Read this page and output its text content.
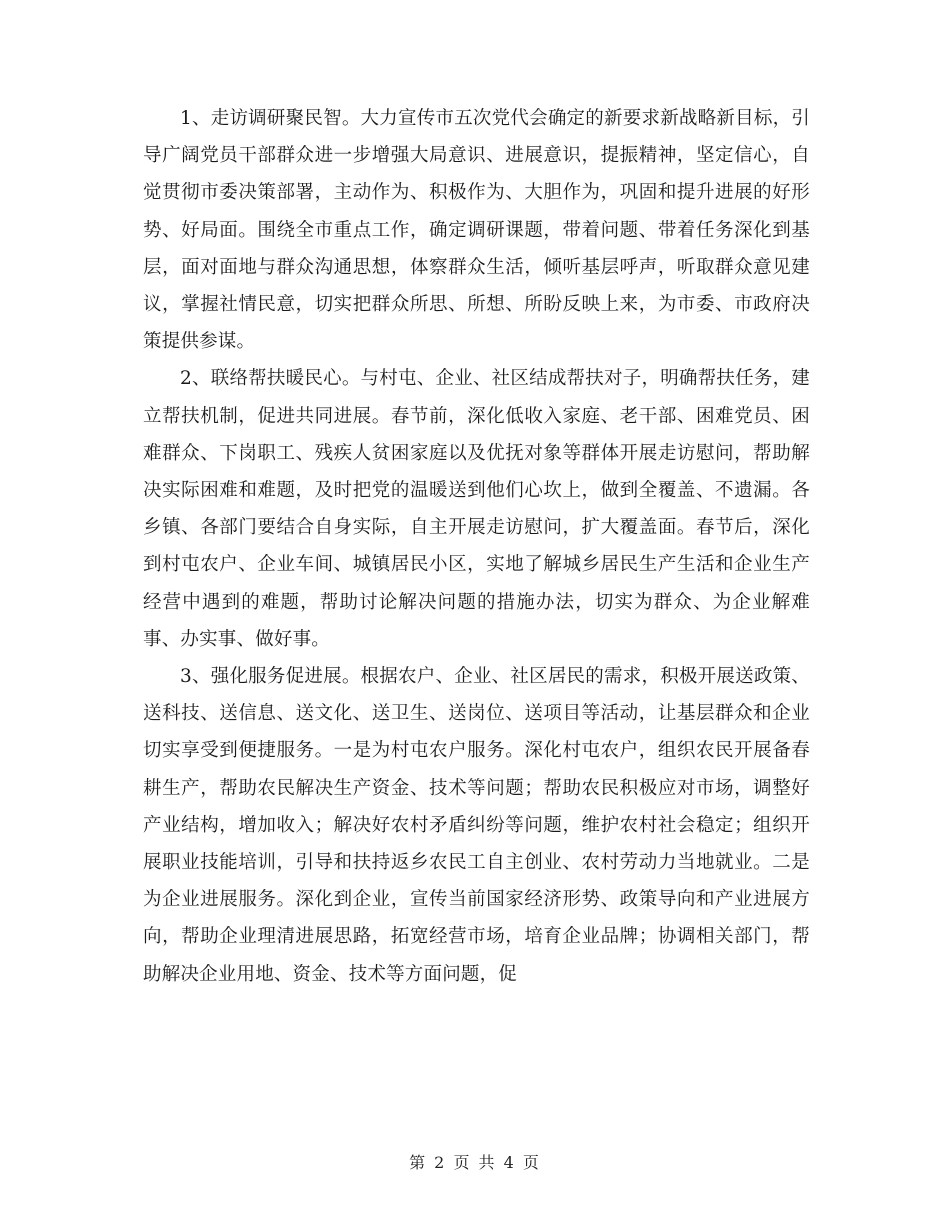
1、走访调研聚民智。大力宣传市五次党代会确定的新要求新战略新目标，引导广阔党员干部群众进一步增强大局意识、进展意识，提振精神，坚定信心，自觉贯彻市委决策部署，主动作为、积极作为、大胆作为，巩固和提升进展的好形势、好局面。围绕全市重点工作，确定调研课题，带着问题、带着任务深化到基层，面对面地与群众沟通思想，体察群众生活，倾听基层呼声，听取群众意见建议，掌握社情民意，切实把群众所思、所想、所盼反映上来，为市委、市政府决策提供参谋。

2、联络帮扶暖民心。与村屯、企业、社区结成帮扶对子，明确帮扶任务，建立帮扶机制，促进共同进展。春节前，深化低收入家庭、老干部、困难党员、困难群众、下岗职工、残疾人贫困家庭以及优抚对象等群体开展走访慰问，帮助解决实际困难和难题，及时把党的温暖送到他们心坎上，做到全覆盖、不遗漏。各乡镇、各部门要结合自身实际，自主开展走访慰问，扩大覆盖面。春节后，深化到村屯农户、企业车间、城镇居民小区，实地了解城乡居民生产生活和企业生产经营中遇到的难题，帮助讨论解决问题的措施办法，切实为群众、为企业解难事、办实事、做好事。

3、强化服务促进展。根据农户、企业、社区居民的需求，积极开展送政策、送科技、送信息、送文化、送卫生、送岗位、送项目等活动，让基层群众和企业切实享受到便捷服务。一是为村屯农户服务。深化村屯农户，组织农民开展备春耕生产，帮助农民解决生产资金、技术等问题；帮助农民积极应对市场，调整好产业结构，增加收入；解决好农村矛盾纠纷等问题，维护农村社会稳定；组织开展职业技能培训，引导和扶持返乡农民工自主创业、农村劳动力当地就业。二是为企业进展服务。深化到企业，宣传当前国家经济形势、政策导向和产业进展方向，帮助企业理清进展思路，拓宽经营市场，培育企业品牌；协调相关部门，帮助解决企业用地、资金、技术等方面问题，促

第 2 页 共 4 页
